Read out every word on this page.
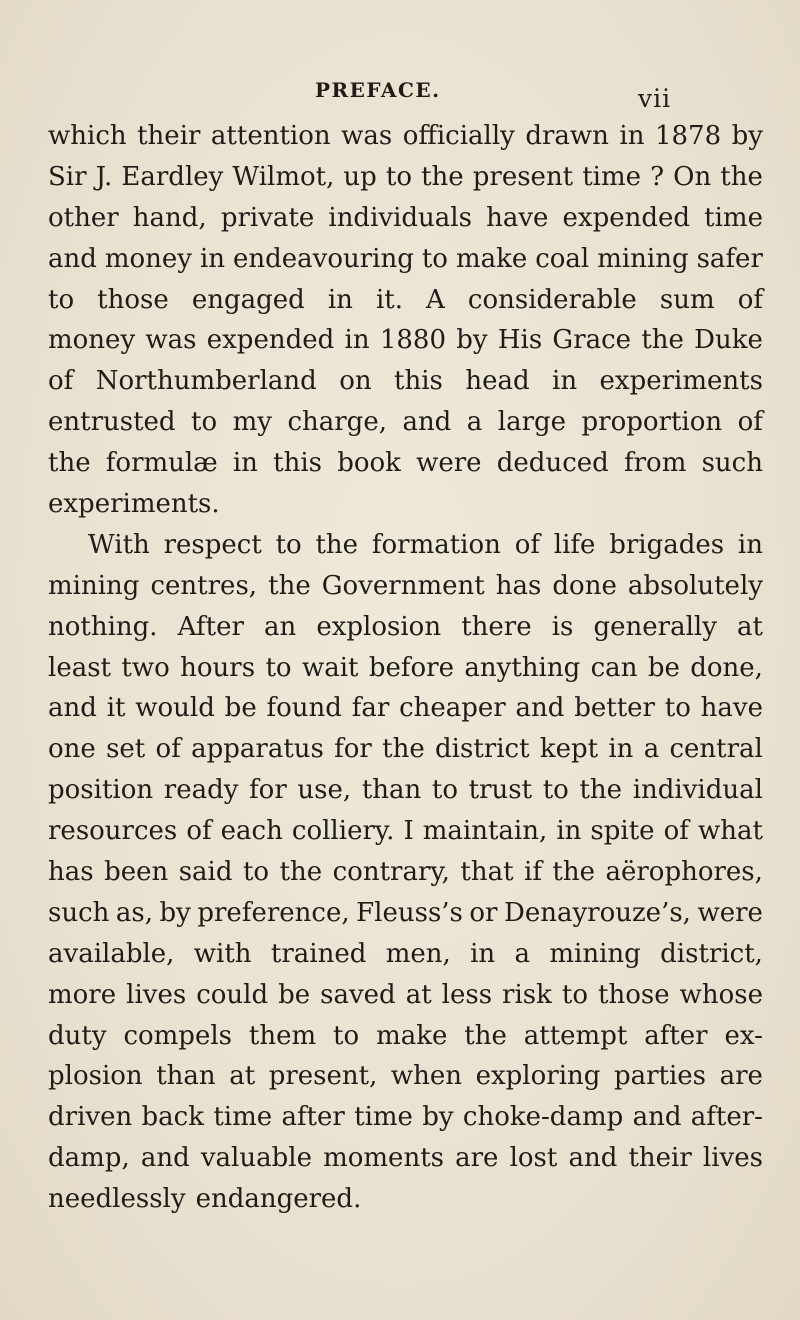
PREFACE.	vii
which their attention was officially drawn in 1878 by
Sir J. Eardley Wilmot, up to the present time ? On the
other hand, private individuals have expended time
and money in endeavouring to make coal mining safer
to those engaged in it. A considerable sum of
money was expended in 1880 by His Grace the Duke
of Northumberland on this head in experiments
entrusted to my charge, and a large proportion of
the formulæ in this book were deduced from such
experiments.
With respect to the formation of life brigades in
mining centres, the Government has done absolutely
nothing. After an explosion there is generally at
least two hours to wait before anything can be done,
and it would be found far cheaper and better to have
one set of apparatus for the district kept in a central
position ready for use, than to trust to the individual
resources of each colliery. I maintain, in spite of what
has been said to the contrary, that if the aërophores,
such as, by preference, Fleuss’s or Denayrouze’s, were
available, with trained men, in a mining district,
more lives could be saved at less risk to those whose
duty compels them to make the attempt after ex-
plosion than at present, when exploring parties are
driven back time after time by choke-damp and after-
damp, and valuable moments are lost and their lives
needlessly endangered.
